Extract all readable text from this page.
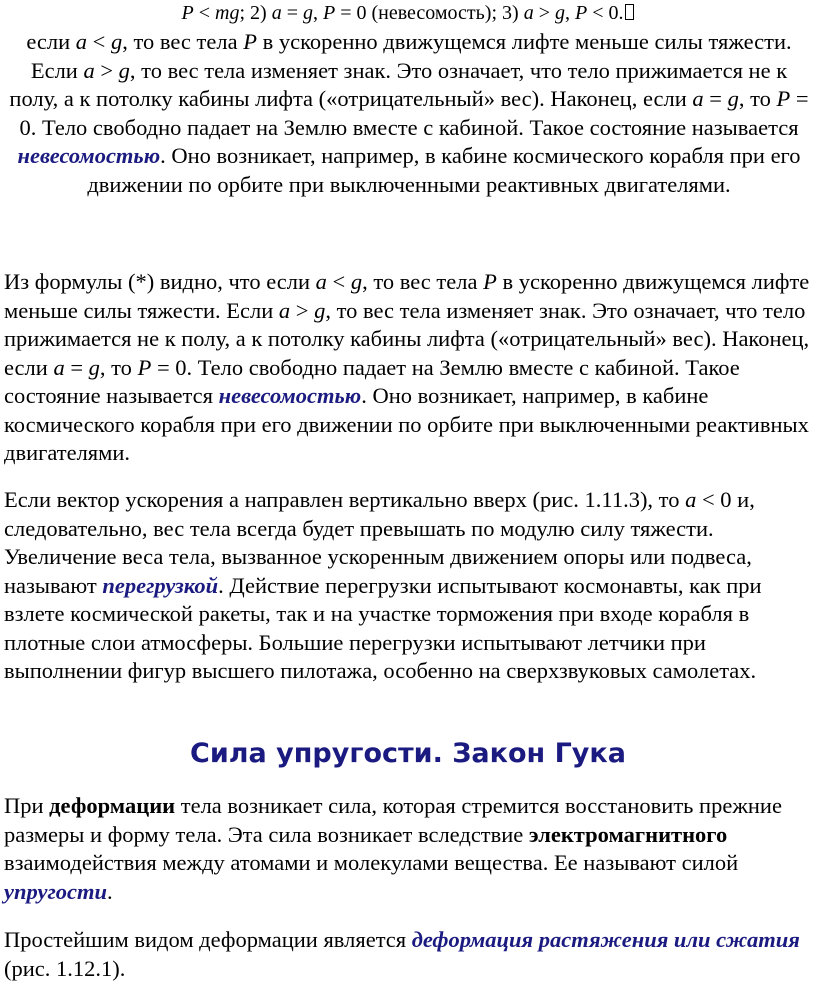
P < mg; 2) a = g, P = 0 (невесомость); 3) a > g, P < 0.
если a < g, то вес тела P в ускоренно движущемся лифте меньше силы тяжести. Если a > g, то вес тела изменяет знак. Это означает, что тело прижимается не к полу, а к потолку кабины лифта («отрицательный» вес). Наконец, если a = g, то P = 0. Тело свободно падает на Землю вместе с кабиной. Такое состояние называется невесомостью. Оно возникает, например, в кабине космического корабля при его движении по орбите при выключенными реактивных двигателями.
Из формулы (*) видно, что если a < g, то вес тела P в ускоренно движущемся лифте меньше силы тяжести. Если a > g, то вес тела изменяет знак. Это означает, что тело прижимается не к полу, а к потолку кабины лифта («отрицательный» вес). Наконец, если a = g, то P = 0. Тело свободно падает на Землю вместе с кабиной. Такое состояние называется невесомостью. Оно возникает, например, в кабине космического корабля при его движении по орбите при выключенными реактивных двигателями.
Если вектор ускорения a направлен вертикально вверх (рис. 1.11.3), то a < 0 и, следовательно, вес тела всегда будет превышать по модулю силу тяжести. Увеличение веса тела, вызванное ускоренным движением опоры или подвеса, называют перегрузкой. Действие перегрузки испытывают космонавты, как при взлете космической ракеты, так и на участке торможения при входе корабля в плотные слои атмосферы. Большие перегрузки испытывают летчики при выполнении фигур высшего пилотажа, особенно на сверхзвуковых самолетах.
Сила упругости. Закон Гука
При деформации тела возникает сила, которая стремится восстановить прежние размеры и форму тела. Эта сила возникает вследствие электромагнитного взаимодействия между атомами и молекулами вещества. Ее называют силой упругости.
Простейшим видом деформации является деформация растяжения или сжатия (рис. 1.12.1).
